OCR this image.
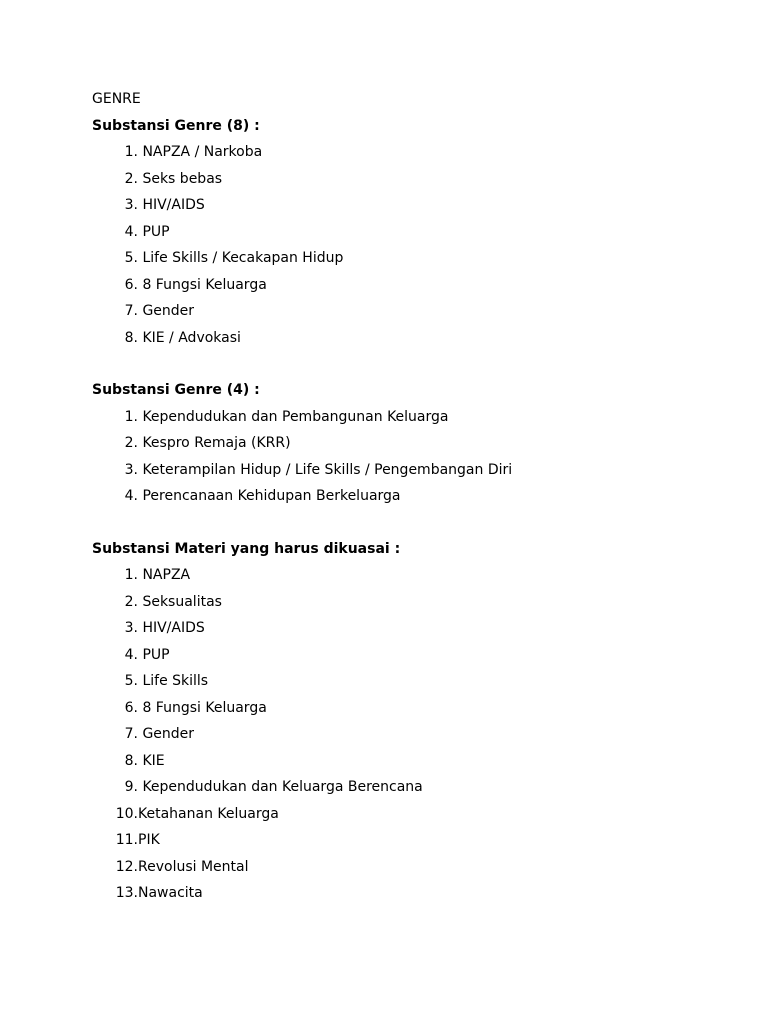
GENRE
Substansi Genre (8) :
1. NAPZA / Narkoba
2. Seks bebas
3. HIV/AIDS
4. PUP
5. Life Skills / Kecakapan Hidup
6. 8 Fungsi Keluarga
7. Gender
8. KIE / Advokasi
Substansi Genre (4) :
1. Kependudukan dan Pembangunan Keluarga
2. Kespro Remaja (KRR)
3. Keterampilan Hidup / Life Skills / Pengembangan Diri
4. Perencanaan Kehidupan Berkeluarga
Substansi Materi yang harus dikuasai :
1. NAPZA
2. Seksualitas
3. HIV/AIDS
4. PUP
5. Life Skills
6. 8 Fungsi Keluarga
7. Gender
8. KIE
9. Kependudukan dan Keluarga Berencana
10. Ketahanan Keluarga
11. PIK
12. Revolusi Mental
13. Nawacita
